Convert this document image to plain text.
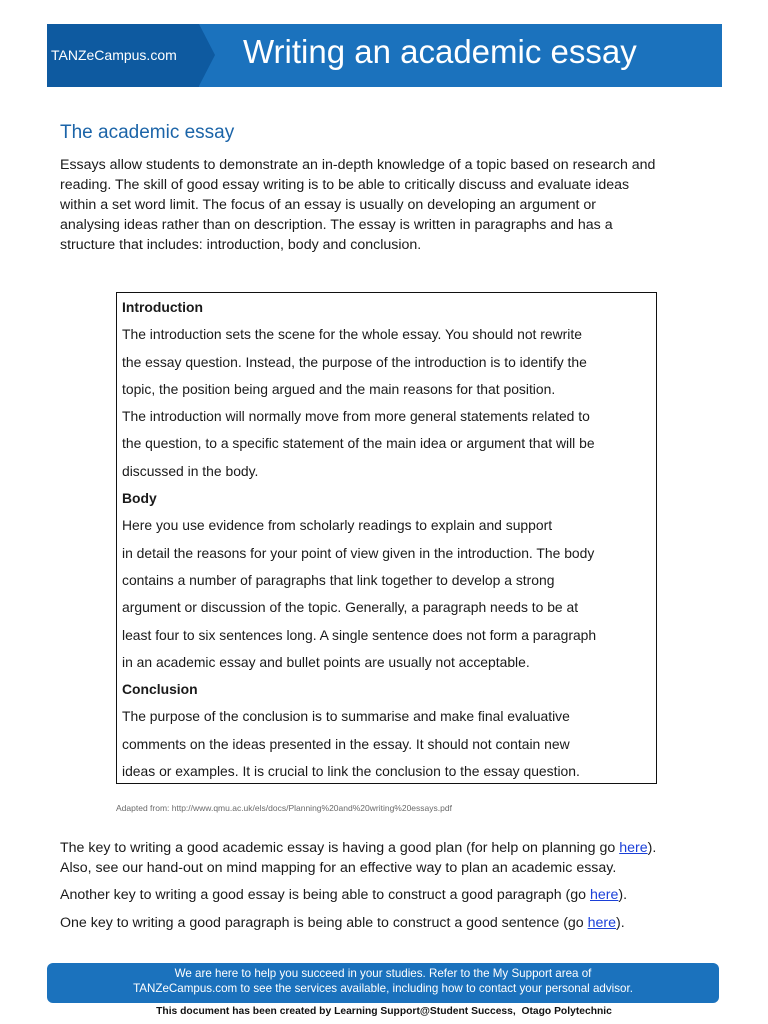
TANZeCampus.com Writing an academic essay
The academic essay
Essays allow students to demonstrate an in-depth knowledge of a topic based on research and
reading. The skill of good essay writing is to be able to critically discuss and evaluate ideas
within a set word limit. The focus of an essay is usually on developing an argument or
analysing ideas rather than on description. The essay is written in paragraphs and has a
structure that includes: introduction, body and conclusion.
Introduction
The introduction sets the scene for the whole essay. You should not rewrite
the essay question. Instead, the purpose of the introduction is to identify the
topic, the position being argued and the main reasons for that position.
The introduction will normally move from more general statements related to
the question, to a specific statement of the main idea or argument that will be
discussed in the body.
Body
Here you use evidence from scholarly readings to explain and support
in detail the reasons for your point of view given in the introduction. The body
contains a number of paragraphs that link together to develop a strong
argument or discussion of the topic. Generally, a paragraph needs to be at
least four to six sentences long. A single sentence does not form a paragraph
in an academic essay and bullet points are usually not acceptable.
Conclusion
The purpose of the conclusion is to summarise and make final evaluative
comments on the ideas presented in the essay. It should not contain new
ideas or examples. It is crucial to link the conclusion to the essay question.
Adapted from: http://www.qmu.ac.uk/els/docs/Planning%20and%20writing%20essays.pdf

The key to writing a good academic essay is having a good plan (for help on planning go here).

Also, see our hand-out on mind mapping for an effective way to plan an academic essay.

Another key to writing a good essay is being able to construct a good paragraph (go here).

One key to writing a good paragraph is being able to construct a good sentence (go here).

We are here to help you succeed in your studies. Refer to the My Support area of
TANZeCampus.com to see the services available, including how to contact your personal advisor.
This document has been created by Learning Support@Student Success,  Otago Polytechnic
